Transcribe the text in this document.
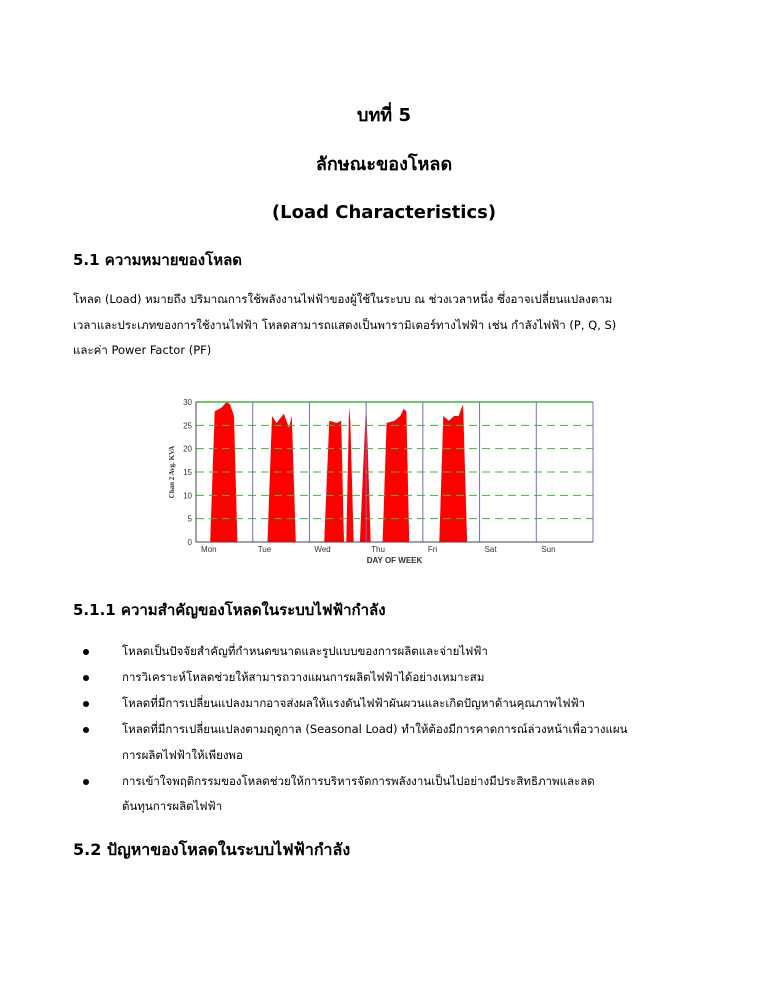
บทที่ 5
ลักษณะของโหลด
(Load Characteristics)
5.1 ความหมายของโหลด
โหลด (Load) หมายถึง ปริมาณการใช้พลังงานไฟฟ้าของผู้ใช้ในระบบ ณ ช่วงเวลาหนึ่ง ซึ่งอาจเปลี่ยนแปลงตาม
เวลาและประเภทของการใช้งานไฟฟ้า โหลดสามารถแสดงเป็นพารามิเตอร์ทางไฟฟ้า เช่น กำลังไฟฟ้า (P, Q, S)
และค่า Power Factor (PF)
0
5
10
15
20
25
30
Mon	Tue	Wed	Thu	Fri	Sat	Sun
DAY OF WEEK
Chan 2 Avg. KVA
5.1.1 ความสำคัญของโหลดในระบบไฟฟ้ากำลัง
โหลดเป็นปัจจัยสำคัญที่กำหนดขนาดและรูปแบบของการผลิตและจ่ายไฟฟ้า
การวิเคราะห์โหลดช่วยให้สามารถวางแผนการผลิตไฟฟ้าได้อย่างเหมาะสม
โหลดที่มีการเปลี่ยนแปลงมากอาจส่งผลให้แรงดันไฟฟ้าผันผวนและเกิดปัญหาด้านคุณภาพไฟฟ้า
โหลดที่มีการเปลี่ยนแปลงตามฤดูกาล (Seasonal Load) ทำให้ต้องมีการคาดการณ์ล่วงหน้าเพื่อวางแผน
การผลิตไฟฟ้าให้เพียงพอ
การเข้าใจพฤติกรรมของโหลดช่วยให้การบริหารจัดการพลังงานเป็นไปอย่างมีประสิทธิภาพและลด
ต้นทุนการผลิตไฟฟ้า
5.2 ปัญหาของโหลดในระบบไฟฟ้ากำลัง
